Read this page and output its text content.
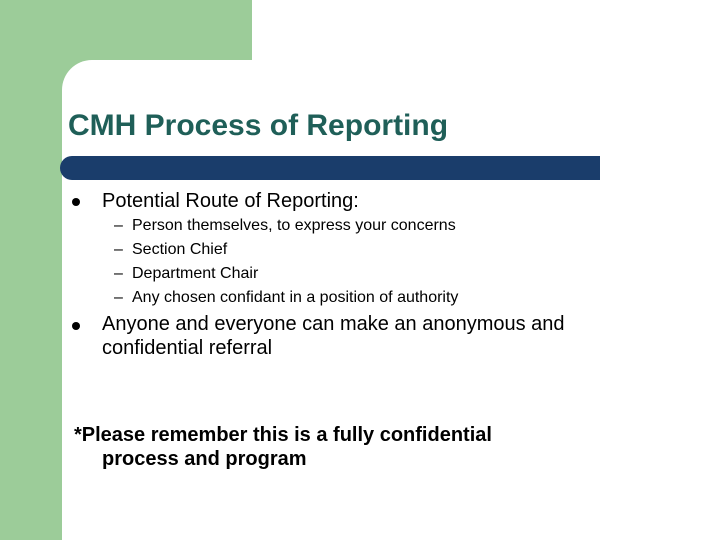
CMH Process of Reporting
Potential Route of Reporting:
– Person themselves, to express your concerns
– Section Chief
– Department Chair
– Any chosen confidant in a position of authority
Anyone and everyone can make an anonymous and
confidential referral
*Please remember this is a fully confidential
process and program
